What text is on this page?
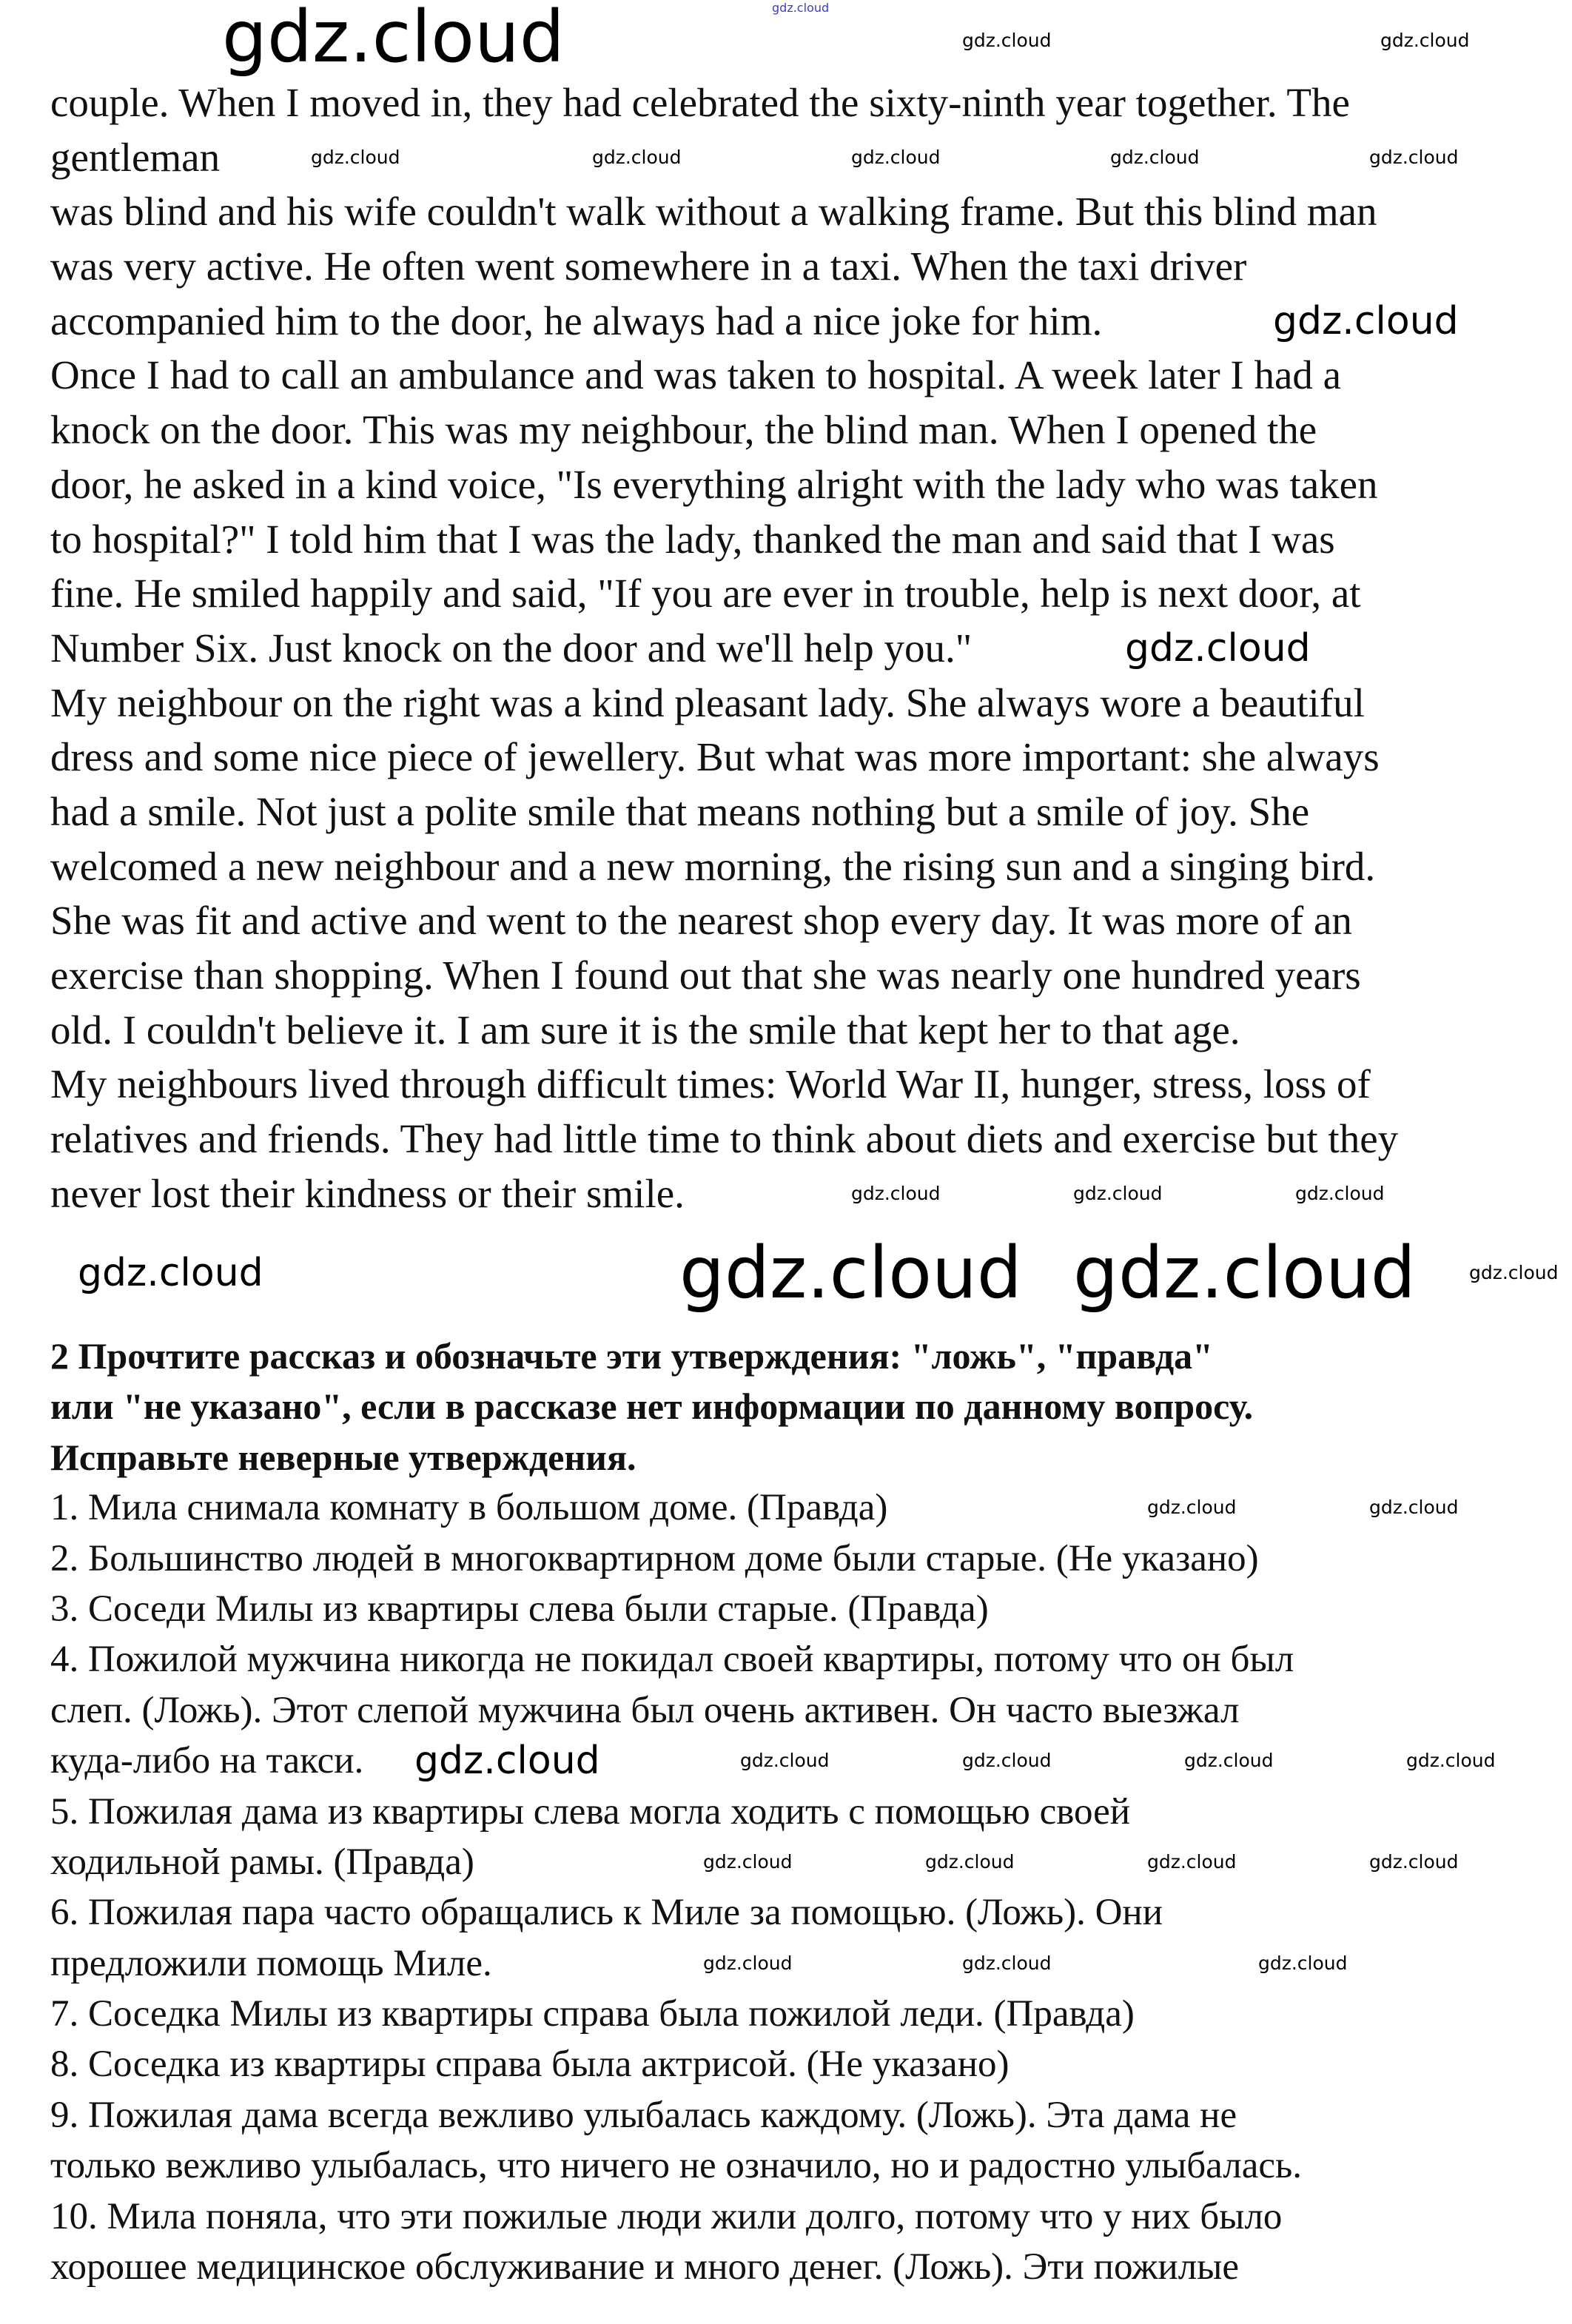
gdz.cloud
couple. When I moved in, they had celebrated the sixty-ninth year together. The
gentleman
was blind and his wife couldn't walk without a walking frame. But this blind man
was very active. He often went somewhere in a taxi. When the taxi driver
accompanied him to the door, he always had a nice joke for him.
Once I had to call an ambulance and was taken to hospital. A week later I had a
knock on the door. This was my neighbour, the blind man. When I opened the
door, he asked in a kind voice, "Is everything alright with the lady who was taken
to hospital?" I told him that I was the lady, thanked the man and said that I was
fine. He smiled happily and said, "If you are ever in trouble, help is next door, at
Number Six. Just knock on the door and we'll help you."
My neighbour on the right was a kind pleasant lady. She always wore a beautiful
dress and some nice piece of jewellery. But what was more important: she always
had a smile. Not just a polite smile that means nothing but a smile of joy. She
welcomed a new neighbour and a new morning, the rising sun and a singing bird.
She was fit and active and went to the nearest shop every day. It was more of an
exercise than shopping. When I found out that she was nearly one hundred years
old. I couldn't believe it. I am sure it is the smile that kept her to that age.
My neighbours lived through difficult times: World War II, hunger, stress, loss of
relatives and friends. They had little time to think about diets and exercise but they
never lost their kindness or their smile.
2 Прочтите рассказ и обозначьте эти утверждения: "ложь", "правда"
или "не указано", если в рассказе нет информации по данному вопросу.
Исправьте неверные утверждения.
1. Мила снимала комнату в большом доме. (Правда)
2. Большинство людей в многоквартирном доме были старые. (Не указано)
3. Соседи Милы из квартиры слева были старые. (Правда)
4. Пожилой мужчина никогда не покидал своей квартиры, потому что он был
слеп. (Ложь). Этот слепой мужчина был очень активен. Он часто выезжал
куда-либо на такси.
5. Пожилая дама из квартиры слева могла ходить с помощью своей
ходильной рамы. (Правда)
6. Пожилая пара часто обращались к Миле за помощью. (Ложь). Они
предложили помощь Миле.
7. Соседка Милы из квартиры справа была пожилой леди. (Правда)
8. Соседка из квартиры справа была актрисой. (Не указано)
9. Пожилая дама всегда вежливо улыбалась каждому. (Ложь). Эта дама не
только вежливо улыбалась, что ничего не означило, но и радостно улыбалась.
10. Мила поняла, что эти пожилые люди жили долго, потому что у них было
хорошее медицинское обслуживание и много денег. (Ложь). Эти пожилые
gdz.cloud
gdz.cloud gdz.cloud
gdz.cloud
gdz.cloud
gdz.cloud
gdz.cloud
gdz.cloud	gdz.cloud
gdz.cloud	gdz.cloud	gdz.cloud	gdz.cloud	gdz.cloud
gdz.cloud	gdz.cloud	gdz.cloud
gdz.cloud
gdz.cloud	gdz.cloud
gdz.cloud	gdz.cloud	gdz.cloud	gdz.cloud
gdz.cloud	gdz.cloud	gdz.cloud	gdz.cloud
gdz.cloud	gdz.cloud	gdz.cloud
